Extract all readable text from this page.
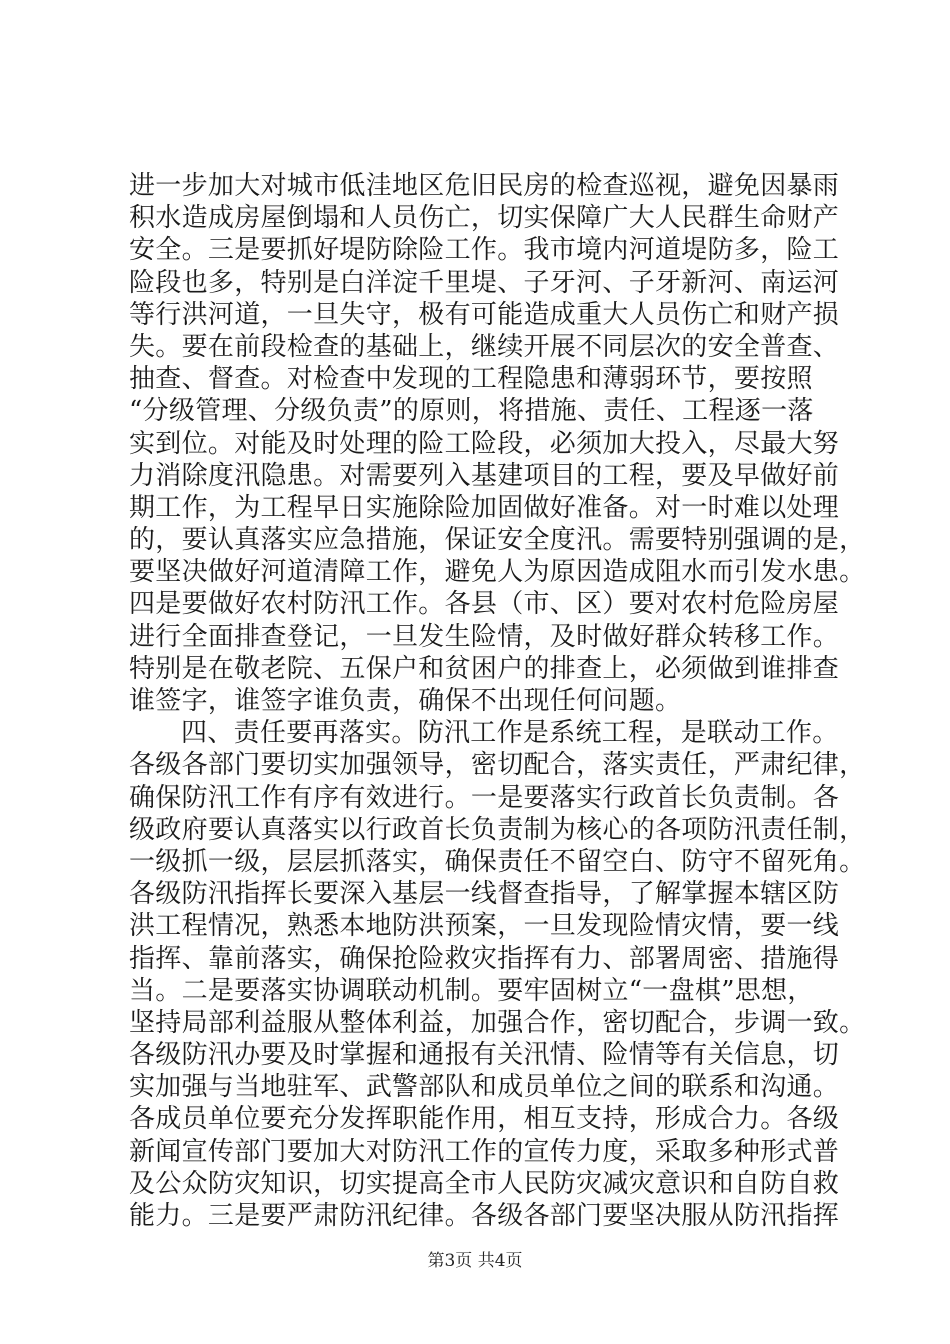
进一步加大对城市低洼地区危旧民房的检查巡视，避免因暴雨
积水造成房屋倒塌和人员伤亡，切实保障广大人民群生命财产
安全。三是要抓好堤防除险工作。我市境内河道堤防多，险工
险段也多，特别是白洋淀千里堤、子牙河、子牙新河、南运河
等行洪河道，一旦失守，极有可能造成重大人员伤亡和财产损
失。要在前段检查的基础上，继续开展不同层次的安全普查、
抽查、督查。对检查中发现的工程隐患和薄弱环节，要按照
“分级管理、分级负责”的原则，将措施、责任、工程逐一落
实到位。对能及时处理的险工险段，必须加大投入，尽最大努
力消除度汛隐患。对需要列入基建项目的工程，要及早做好前
期工作，为工程早日实施除险加固做好准备。对一时难以处理
的，要认真落实应急措施，保证安全度汛。需要特别强调的是，
要坚决做好河道清障工作，避免人为原因造成阻水而引发水患。
四是要做好农村防汛工作。各县（市、区）要对农村危险房屋
进行全面排查登记，一旦发生险情，及时做好群众转移工作。
特别是在敬老院、五保户和贫困户的排查上，必须做到谁排查
谁签字，谁签字谁负责，确保不出现任何问题。
四、责任要再落实。防汛工作是系统工程，是联动工作。
各级各部门要切实加强领导，密切配合，落实责任，严肃纪律，
确保防汛工作有序有效进行。一是要落实行政首长负责制。各
级政府要认真落实以行政首长负责制为核心的各项防汛责任制，
一级抓一级，层层抓落实，确保责任不留空白、防守不留死角。
各级防汛指挥长要深入基层一线督查指导，了解掌握本辖区防
洪工程情况，熟悉本地防洪预案，一旦发现险情灾情，要一线
指挥、靠前落实，确保抢险救灾指挥有力、部署周密、措施得
当。二是要落实协调联动机制。要牢固树立“一盘棋”思想，
坚持局部利益服从整体利益，加强合作，密切配合，步调一致。
各级防汛办要及时掌握和通报有关汛情、险情等有关信息，切
实加强与当地驻军、武警部队和成员单位之间的联系和沟通。
各成员单位要充分发挥职能作用，相互支持，形成合力。各级
新闻宣传部门要加大对防汛工作的宣传力度，采取多种形式普
及公众防灾知识，切实提高全市人民防灾减灾意识和自防自救
能力。三是要严肃防汛纪律。各级各部门要坚决服从防汛指挥
第3页 共4页
